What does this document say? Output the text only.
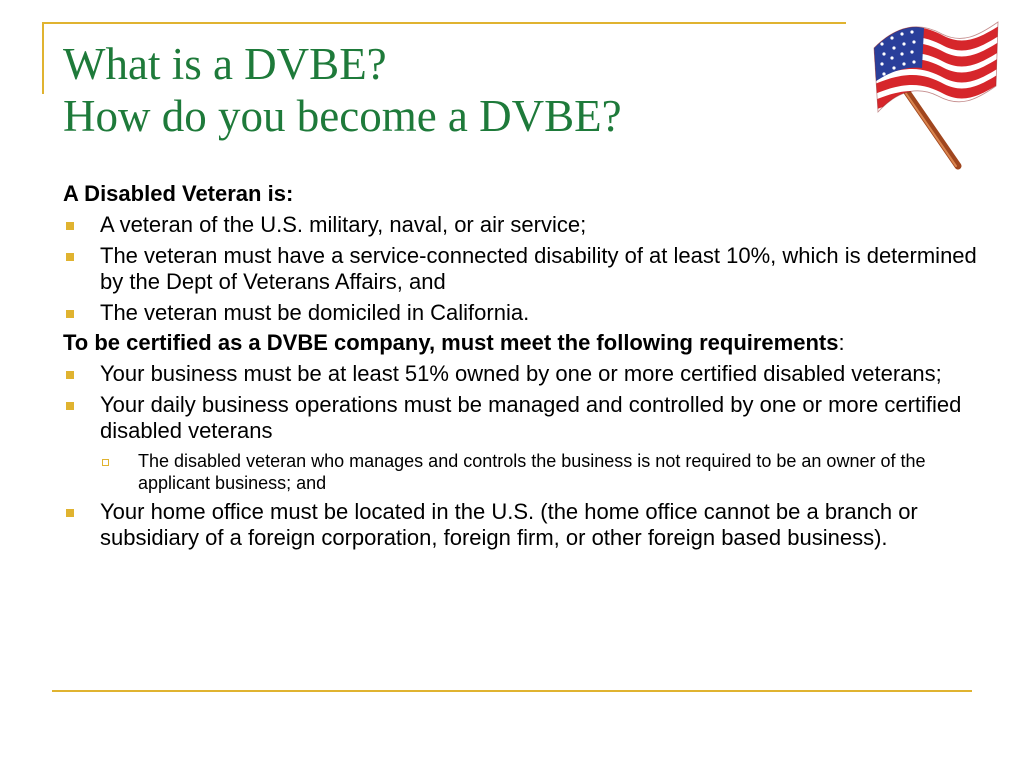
What is a DVBE?
How do you become a DVBE?
A Disabled Veteran is:
A veteran of the U.S. military, naval, or air service;
The veteran must have a service-connected disability of at least 10%, which is determined by the Dept of Veterans Affairs, and
The veteran must be domiciled in California.
To be certified as a DVBE company, must meet the following requirements:
Your business must be at least 51% owned by one or more certified disabled veterans;
Your daily business operations must be managed and controlled by one or more certified disabled veterans
The disabled veteran who manages and controls the business is not required to be an owner of the applicant business; and
Your home office must be located in the U.S. (the home office cannot be a branch or subsidiary of a foreign corporation, foreign firm, or other foreign based business).
